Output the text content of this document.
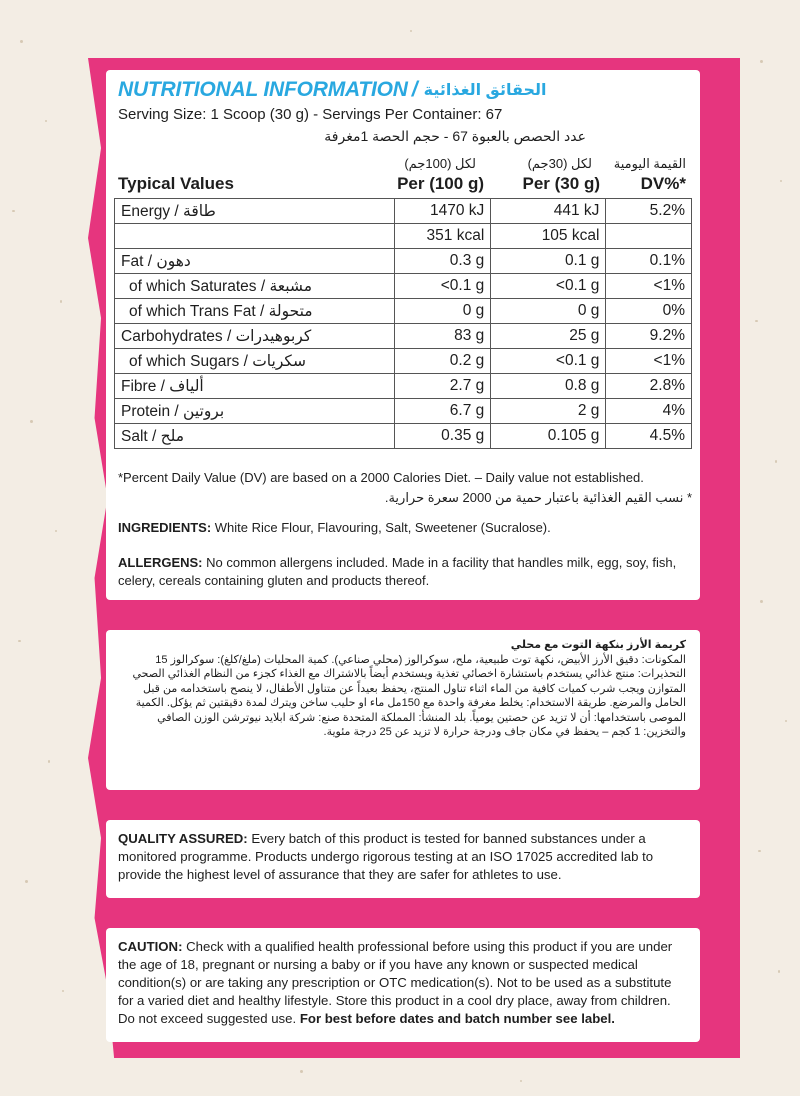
NUTRITIONAL INFORMATION / الحقائق الغذائية
Serving Size: 1 Scoop (30 g) - Servings Per Container: 67
عدد الحصص بالعبوة 67 - حجم الحصة 1مغرفة
لكل (100جم)	لكل (30جم)	القيمة اليومية
Typical Values	Per (100 g)	Per (30 g)	DV%*
Energy / طاقة	1470 kJ	441 kJ	5.2%
	351 kcal	105 kcal	
Fat / دهون	0.3 g	0.1 g	0.1%
of which Saturates / مشبعة	<0.1 g	<0.1 g	<1%
of which Trans Fat / متحولة	0 g	0 g	0%
Carbohydrates / كربوهيدرات	83 g	25 g	9.2%
of which Sugars / سكريات	0.2 g	<0.1 g	<1%
Fibre / ألياف	2.7 g	0.8 g	2.8%
Protein / بروتين	6.7 g	2 g	4%
Salt / ملح	0.35 g	0.105 g	4.5%
*Percent Daily Value (DV) are based on a 2000 Calories Diet. – Daily value not established.
* نسب القيم الغذائية باعتبار حمية من 2000 سعرة حرارية.
INGREDIENTS: White Rice Flour, Flavouring, Salt, Sweetener (Sucralose).
ALLERGENS: No common allergens included. Made in a facility that handles milk, egg, soy, fish, celery, cereals containing gluten and products thereof.
كريمة الأرز بنكهة التوت مع محلي
المكونات: دقيق الأرز الأبيض، نكهة توت طبيعية، ملح، سوكرالوز (محلي صناعي). كمية المحليات (ملغ/كلغ): سوكرالوز 15
التحذيرات: منتج غذائي يستخدم باستشارة اخصائي تغذية ويستخدم أيضاً بالاشتراك مع الغذاء كجزء من النظام الغذائي الصحي
المتوازن ويجب شرب كميات كافية من الماء اثناء تناول المنتج، يحفظ بعيداً عن متناول الأطفال، لا ينصح باستخدامه من قبل
الحامل والمرضع. طريقة الاستخدام: يخلط مغرفة واحدة مع 150مل ماء او حليب ساخن ويترك لمدة دقيقتين ثم يؤكل. الكمية
الموصى باستخدامها: أن لا تزيد عن حصتين يومياً. بلد المنشأ: المملكة المتحدة صنع: شركة ابلايد نيوترشن الوزن الصافي
والتخزين: 1 كجم – يحفظ في مكان جاف ودرجة حرارة لا تزيد عن 25 درجة مئوية.
QUALITY ASSURED: Every batch of this product is tested for banned substances under a monitored programme. Products undergo rigorous testing at an ISO 17025 accredited lab to provide the highest level of assurance that they are safer for athletes to use.
CAUTION: Check with a qualified health professional before using this product if you are under the age of 18, pregnant or nursing a baby or if you have any known or suspected medical condition(s) or are taking any prescription or OTC medication(s). Not to be used as a substitute for a varied diet and healthy lifestyle. Store this product in a cool dry place, away from children. Do not exceed suggested use. For best before dates and batch number see label.
